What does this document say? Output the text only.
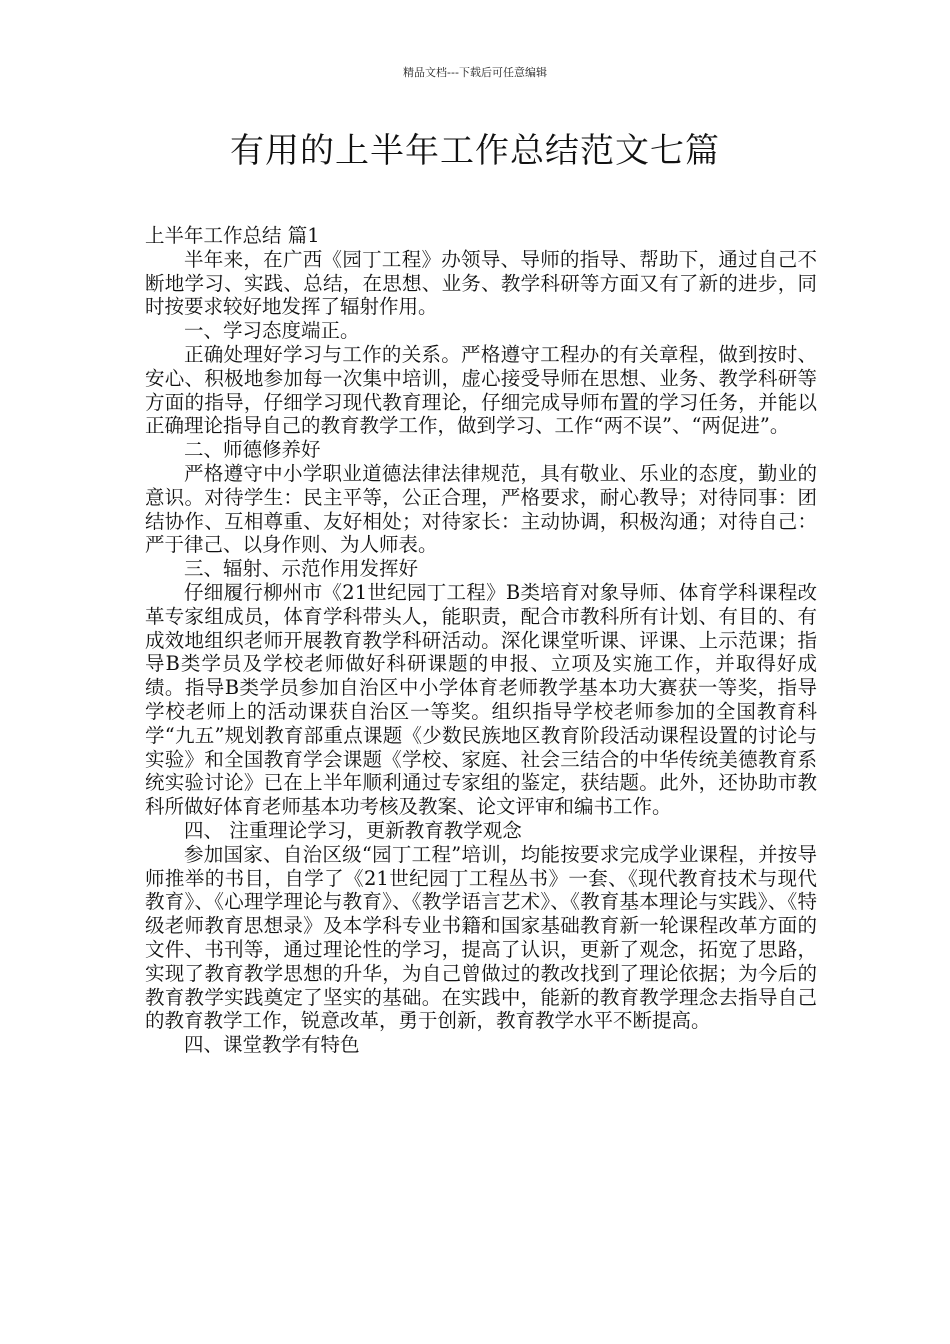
精品文档---下载后可任意编辑
有用的上半年工作总结范文七篇

上半年工作总结 篇1

半年来，在广西《园丁工程》办领导、导师的指导、帮助下，通过自己不断地学习、实践、总结，在思想、业务、教学科研等方面又有了新的进步，同时按要求较好地发挥了辐射作用。

一、学习态度端正。

正确处理好学习与工作的关系。严格遵守工程办的有关章程，做到按时、安心、积极地参加每一次集中培训，虚心接受导师在思想、业务、教学科研等方面的指导，仔细学习现代教育理论，仔细完成导师布置的学习任务，并能以正确理论指导自己的教育教学工作，做到学习、工作“两不误”、“两促进”。

二、师德修养好

严格遵守中小学职业道德法律法律规范，具有敬业、乐业的态度，勤业的意识。对待学生：民主平等，公正合理，严格要求，耐心教导；对待同事：团结协作、互相尊重、友好相处；对待家长：主动协调，积极沟通；对待自己：严于律己、以身作则、为人师表。

三、辐射、示范作用发挥好

仔细履行柳州市《21世纪园丁工程》B类培育对象导师、体育学科课程改革专家组成员，体育学科带头人，能职责，配合市教科所有计划、有目的、有成效地组织老师开展教育教学科研活动。深化课堂听课、评课、上示范课；指导B类学员及学校老师做好科研课题的申报、立项及实施工作，并取得好成绩。指导B类学员参加自治区中小学体育老师教学基本功大赛获一等奖，指导学校老师上的活动课获自治区一等奖。组织指导学校老师参加的全国教育科学“九五”规划教育部重点课题《少数民族地区教育阶段活动课程设置的讨论与实验》和全国教育学会课题《学校、家庭、社会三结合的中华传统美德教育系统实验讨论》已在上半年顺利通过专家组的鉴定，获结题。此外，还协助市教科所做好体育老师基本功考核及教案、论文评审和编书工作。

四、 注重理论学习，更新教育教学观念

参加国家、自治区级“园丁工程”培训，均能按要求完成学业课程，并按导师推举的书目，自学了《21世纪园丁工程丛书》一套、《现代教育技术与现代教育》、《心理学理论与教育》、《教学语言艺术》、《教育基本理论与实践》、《特级老师教育思想录》及本学科专业书籍和国家基础教育新一轮课程改革方面的文件、书刊等，通过理论性的学习，提高了认识，更新了观念，拓宽了思路，实现了教育教学思想的升华，为自己曾做过的教改找到了理论依据；为今后的教育教学实践奠定了坚实的基础。在实践中，能新的教育教学理念去指导自己的教育教学工作，锐意改革，勇于创新，教育教学水平不断提高。

四、课堂教学有特色
